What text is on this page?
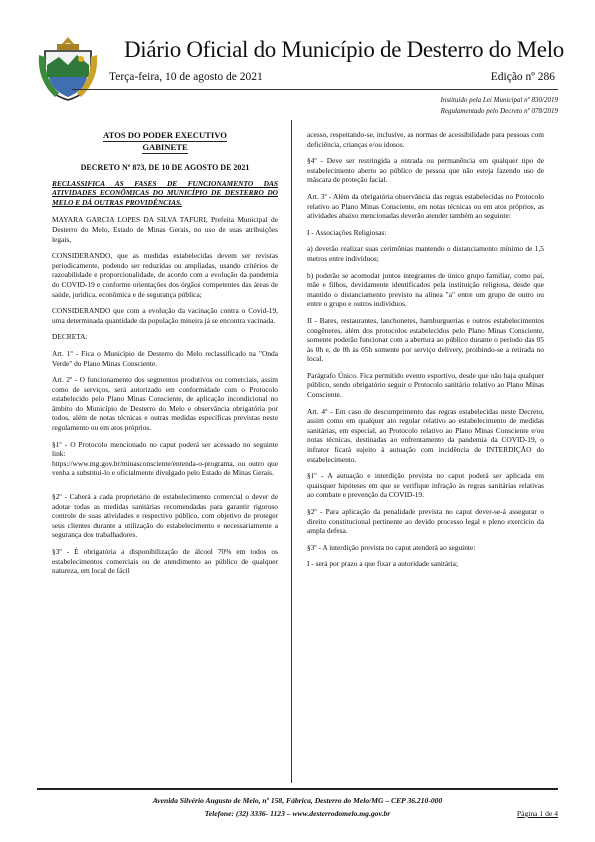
Diário Oficial do Município de Desterro do Melo
Terça-feira, 10 de agosto de 2021	Edição nº 286
Instituído pela Lei Municipal nº 830/2019
Regulamentado pelo Decreto nº 078/2019
ATOS DO PODER EXECUTIVO
GABINETE
DECRETO Nº 873, DE 10 DE AGOSTO DE 2021

RECLASSIFICA AS FASES DE FUNCIONAMENTO DAS ATIVIDADES ECONÔMICAS DO MUNICÍPIO DE DESTERRO DO MELO E DÁ OUTRAS PROVIDÊNCIAS.

MAYARA GARCIA LOPES DA SILVA TAFURI, Prefeita Municipal de Desterro do Melo, Estado de Minas Gerais, no uso de suas atribuições legais,

CONSIDERANDO, que as medidas estabelecidas devem ser revistas periodicamente, podendo ser reduzidas ou ampliadas, usando critérios de razoabilidade e proporcionalidade, de acordo com a evolução da pandemia do COVID-19 e conforme orientações dos órgãos competentes das áreas de saúde, jurídica, econômica e de segurança pública;

CONSIDERANDO que com a evolução da vacinação contra o Covid-19, uma determinada quantidade da população mineira já se encontra vacinada.

DECRETA:

Art. 1º - Fica o Município de Desterro do Melo reclassificado na "Onda Verde" do Plano Minas Consciente.

Art. 2º - O funcionamento dos segmentos produtivos ou comerciais, assim como de serviços, será autorizado em conformidade com o Protocolo estabelecido pelo Plano Minas Consciente, de aplicação incondicional no âmbito do Município de Desterro do Melo e observância obrigatória por todos, além de notas técnicas e outras medidas específicas previstas neste regulamento ou em atos próprios.

§1º - O Protocolo mencionado no caput poderá ser acessado no seguinte link:

https://www.mg.gov.br/minasconsciente/entenda-o-programa, ou outro que venha a substitui-lo e oficialmente divulgado pelo Estado de Minas Gerais.

§2º - Caberá a cada proprietário de estabelecimento comercial o dever de adotar todas as medidas sanitárias recomendadas para garantir rigoroso controle de suas atividades e respectivo público, com objetivo de proteger seus clientes durante a utilização do estabelecimento e necessariamente a segurança dos trabalhadores.

§3º - É obrigatória a disponibilização de álcool 70% em todos os estabelecimentos comerciais ou de atendimento ao público de qualquer natureza, em local de fácil

acesso, respeitando-se, inclusive, as normas de acessibilidade para pessoas com deficiência, crianças e/ou idosos.

§4º - Deve ser restringida a entrada ou permanência em qualquer tipo de estabelecimento aberto ao público de pessoa que não esteja fazendo uso de máscara de proteção facial.

Art. 3º - Além da obrigatória observância das regras estabelecidas no Protocolo relativo ao Plano Minas Consciente, em notas técnicas ou em atos próprios, as atividades abaixo mencionadas deverão atender também ao seguinte:

I - Associações Religiosas:

a) deverão realizar suas cerimônias mantendo o distanciamento mínimo de 1,5 metros entre indivíduos;

b) poderão se acomodar juntos integrantes de único grupo familiar, como pai, mãe e filhos, devidamente identificados pela instituição religiosa, desde que mantido o distanciamento previsto na alínea "a" entre um grupo de outro ou entre o grupo e outros indivíduos.

II - Bares, restaurantes, lanchonetes, hamburguerias e outros estabelecimentos congêneres, além dos protocolos estabelecidos pelo Plano Minas Consciente, somente poderão funcionar com a abertura ao público durante o período das 05 às 0h e, de 0h às 05h somente por serviço delivery, proibindo-se a retirada no local.

Parágrafo Único. Fica permitido evento esportivo, desde que não haja qualquer público, sendo obrigatório seguir o Protocolo sanitário relativo ao Plano Minas Consciente.

Art. 4º - Em caso de descumprimento das regras estabelecidas neste Decreto, assim como em qualquer ato regular relativo ao estabelecimento de medidas sanitárias, em especial, ao Protocolo relativo ao Plano Minas Consciente e/ou notas técnicas, destinadas ao enfrentamento da pandemia da COVID-19, o infrator ficará sujeito à autuação com incidência de INTERDIÇÃO do estabelecimento.

§1º - A autuação e interdição prevista no caput poderá ser aplicada em quaisquer hipóteses em que se verifique infração às regras sanitárias relativas ao combate e prevenção da COVID-19.

§2º - Para aplicação da penalidade prevista no caput dever-se-á assegurar o direito constitucional pertinente ao devido processo legal e pleno exercício da ampla defesa.

§3º - A interdição prevista no caput atenderá ao seguinte:

I - será por prazo a que fixar a autoridade sanitária;

Avenida Silvério Augusto de Melo, nº 158, Fábrica, Desterro do Melo/MG – CEP 36.210-000
Telefone: (32) 3336- 1123 – www.desterrodomelo.mg.gov.br	Página 1 de 4
